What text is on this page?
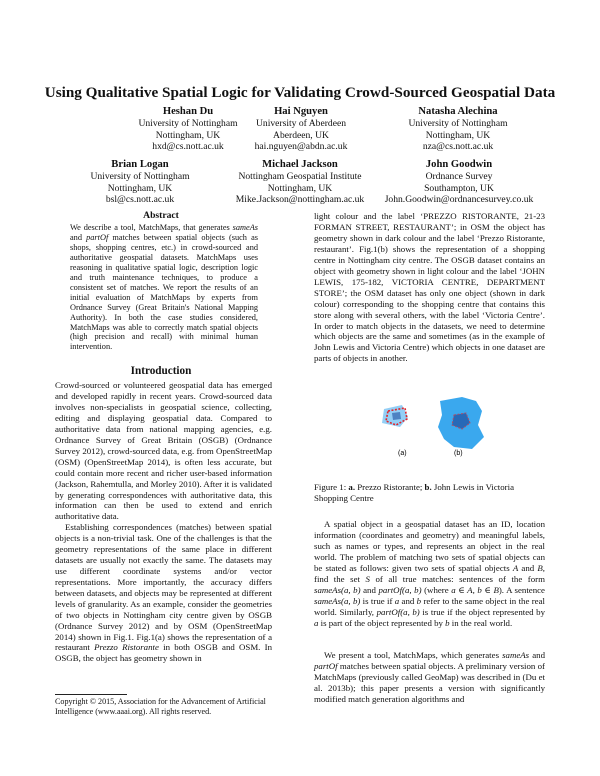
Using Qualitative Spatial Logic for Validating Crowd-Sourced Geospatial Data
Heshan Du
University of Nottingham
Nottingham, UK
hxd@cs.nott.ac.uk
Hai Nguyen
University of Aberdeen
Aberdeen, UK
hai.nguyen@abdn.ac.uk
Natasha Alechina
University of Nottingham
Nottingham, UK
nza@cs.nott.ac.uk
Brian Logan
University of Nottingham
Nottingham, UK
bsl@cs.nott.ac.uk
Michael Jackson
Nottingham Geospatial Institute
Nottingham, UK
Mike.Jackson@nottingham.ac.uk
John Goodwin
Ordnance Survey
Southampton, UK
John.Goodwin@ordnancesurvey.co.uk
Abstract
We describe a tool, MatchMaps, that generates sameAs and partOf matches between spatial objects (such as shops, shopping centres, etc.) in crowd-sourced and authoritative geospatial datasets. MatchMaps uses reasoning in qualitative spatial logic, description logic and truth maintenance techniques, to produce a consistent set of matches. We report the results of an initial evaluation of MatchMaps by experts from Ordnance Survey (Great Britain's National Mapping Authority). In both the case studies considered, MatchMaps was able to correctly match spatial objects (high precision and recall) with minimal human intervention.
Introduction
Crowd-sourced or volunteered geospatial data has emerged and developed rapidly in recent years. Crowd-sourced data involves non-specialists in geospatial science, collecting, editing and displaying geospatial data. Compared to authoritative data from national mapping agencies, e.g. Ordnance Survey of Great Britain (OSGB) (Ordnance Survey 2012), crowd-sourced data, e.g. from OpenStreetMap (OSM) (OpenStreetMap 2014), is often less accurate, but could contain more recent and richer user-based information (Jackson, Rahemtulla, and Morley 2010). After it is validated by generating correspondences with authoritative data, this information can then be used to extend and enrich authoritative data.
Establishing correspondences (matches) between spatial objects is a non-trivial task. One of the challenges is that the geometry representations of the same place in different datasets are usually not exactly the same. The datasets may use different coordinate systems and/or vector representations. More importantly, the accuracy differs between datasets, and objects may be represented at different levels of granularity. As an example, consider the geometries of two objects in Nottingham city centre given by OSGB (Ordnance Survey 2012) and by OSM (OpenStreetMap 2014) shown in Fig.1. Fig.1(a) shows the representation of a restaurant Prezzo Ristorante in both OSGB and OSM. In OSGB, the object has geometry shown in
Copyright © 2015, Association for the Advancement of Artificial Intelligence (www.aaai.org). All rights reserved.
light colour and the label ‘PREZZO RISTORANTE, 21-23 FORMAN STREET, RESTAURANT’; in OSM the object has geometry shown in dark colour and the label ‘Prezzo Ristorante, restaurant’. Fig.1(b) shows the representation of a shopping centre in Nottingham city centre. The OSGB dataset contains an object with geometry shown in light colour and the label ‘JOHN LEWIS, 175-182, VICTORIA CENTRE, DEPARTMENT STORE’; the OSM dataset has only one object (shown in dark colour) corresponding to the shopping centre that contains this store along with several others, with the label ‘Victoria Centre’. In order to match objects in the datasets, we need to determine which objects are the same and sometimes (as in the example of John Lewis and Victoria Centre) which objects in one dataset are parts of objects in another.
(a)	(b)
Figure 1: a. Prezzo Ristorante; b. John Lewis in Victoria Shopping Centre
A spatial object in a geospatial dataset has an ID, location information (coordinates and geometry) and meaningful labels, such as names or types, and represents an object in the real world. The problem of matching two sets of spatial objects can be stated as follows: given two sets of spatial objects A and B, find the set S of all true matches: sentences of the form sameAs(a, b) and partOf(a, b) (where a ∈ A, b ∈ B). A sentence sameAs(a, b) is true if a and b refer to the same object in the real world. Similarly, partOf(a, b) is true if the object represented by a is part of the object represented by b in the real world.
We present a tool, MatchMaps, which generates sameAs and partOf matches between spatial objects. A preliminary version of MatchMaps (previously called GeoMap) was described in (Du et al. 2013b); this paper presents a version with significantly modified match generation algorithms and
